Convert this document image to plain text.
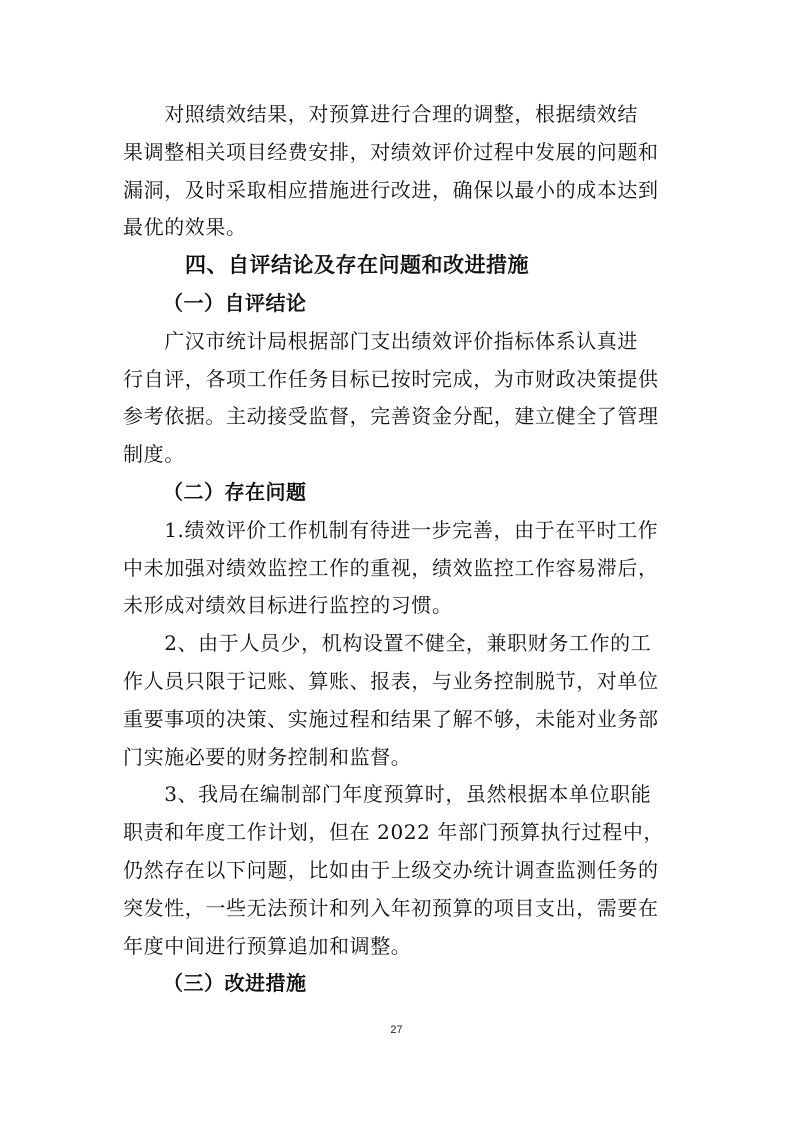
　　对照绩效结果，对预算进行合理的调整，根据绩效结
果调整相关项目经费安排，对绩效评价过程中发展的问题和
漏洞，及时采取相应措施进行改进，确保以最小的成本达到
最优的效果。

四、自评结论及存在问题和改进措施
（一）自评结论

　　广汉市统计局根据部门支出绩效评价指标体系认真进
行自评，各项工作任务目标已按时完成，为市财政决策提供
参考依据。主动接受监督，完善资金分配，建立健全了管理
制度。

（二）存在问题

　　1.绩效评价工作机制有待进一步完善，由于在平时工作
中未加强对绩效监控工作的重视，绩效监控工作容易滞后，
未形成对绩效目标进行监控的习惯。

　　2、由于人员少，机构设置不健全，兼职财务工作的工
作人员只限于记账、算账、报表，与业务控制脱节，对单位
重要事项的决策、实施过程和结果了解不够，未能对业务部
门实施必要的财务控制和监督。

　　3、我局在编制部门年度预算时，虽然根据本单位职能
职责和年度工作计划，但在 2022 年部门预算执行过程中，
仍然存在以下问题，比如由于上级交办统计调查监测任务的
突发性，一些无法预计和列入年初预算的项目支出，需要在
年度中间进行预算追加和调整。

（三）改进措施
27
